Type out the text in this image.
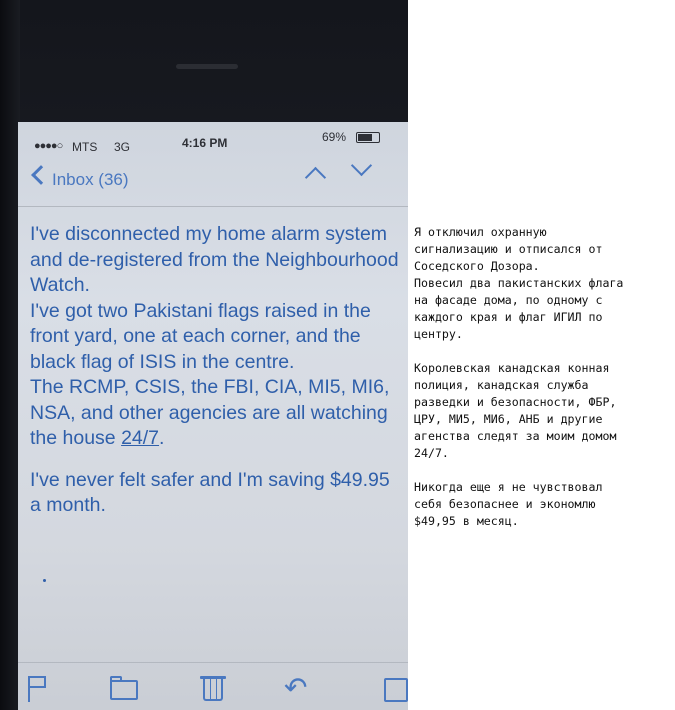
●●●●○ MTS 3G	4:16 PM	69%
Inbox (36)

I've disconnected my home alarm system and de-registered from the Neighbourhood Watch.

I've got two Pakistani flags raised in the front yard, one at each corner, and the black flag of ISIS in the centre.

The RCMP, CSIS, the FBI, CIA, MI5, MI6, NSA, and other agencies are all watching the house 24/7.

I've never felt safer and I'm saving $49.95 a month.

↶

Я отключил охранную
сигнализацию и отписался от
Соседского Дозора.
Повесил два пакистанских флага
на фасаде дома, по одному с
каждого края и флаг ИГИЛ по
центру.

Королевская канадская конная
полиция, канадская служба
разведки и безопасности, ФБР,
ЦРУ, МИ5, МИ6, АНБ и другие
агенства следят за моим домом
24/7.

Никогда еще я не чувствовал
себя безопаснее и экономлю
$49,95 в месяц.
